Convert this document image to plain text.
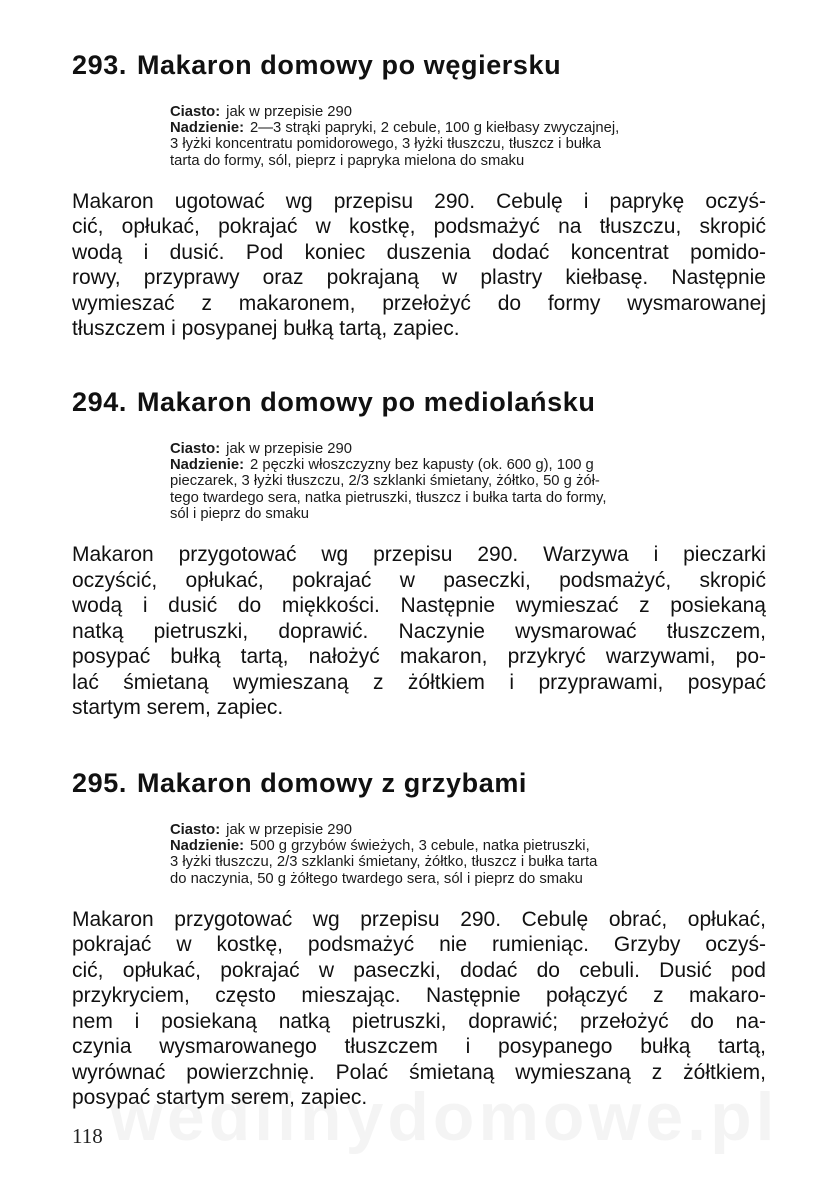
293. Makaron domowy po węgiersku
Ciasto: jak w przepisie 290
Nadzienie: 2—3 strąki papryki, 2 cebule, 100 g kiełbasy zwyczajnej,
3 łyżki koncentratu pomidorowego, 3 łyżki tłuszczu, tłuszcz i bułka
tarta do formy, sól, pieprz i papryka mielona do smaku
Makaron ugotować wg przepisu 290. Cebulę i paprykę oczyś-
cić, opłukać, pokrajać w kostkę, podsmażyć na tłuszczu, skropić
wodą i dusić. Pod koniec duszenia dodać koncentrat pomido-
rowy, przyprawy oraz pokrajaną w plastry kiełbasę. Następnie
wymieszać z makaronem, przełożyć do formy wysmarowanej
tłuszczem i posypanej bułką tartą, zapiec.
294. Makaron domowy po mediolańsku
Ciasto: jak w przepisie 290
Nadzienie: 2 pęczki włoszczyzny bez kapusty (ok. 600 g), 100 g
pieczarek, 3 łyżki tłuszczu, 2/3 szklanki śmietany, żółtko, 50 g żół-
tego twardego sera, natka pietruszki, tłuszcz i bułka tarta do formy,
sól i pieprz do smaku
Makaron przygotować wg przepisu 290. Warzywa i pieczarki
oczyścić, opłukać, pokrajać w paseczki, podsmażyć, skropić
wodą i dusić do miękkości. Następnie wymieszać z posiekaną
natką pietruszki, doprawić. Naczynie wysmarować tłuszczem,
posypać bułką tartą, nałożyć makaron, przykryć warzywami, po-
lać śmietaną wymieszaną z żółtkiem i przyprawami, posypać
startym serem, zapiec.
295. Makaron domowy z grzybami
Ciasto: jak w przepisie 290
Nadzienie: 500 g grzybów świeżych, 3 cebule, natka pietruszki,
3 łyżki tłuszczu, 2/3 szklanki śmietany, żółtko, tłuszcz i bułka tarta
do naczynia, 50 g żółtego twardego sera, sól i pieprz do smaku
Makaron przygotować wg przepisu 290. Cebulę obrać, opłukać,
pokrajać w kostkę, podsmażyć nie rumieniąc. Grzyby oczyś-
cić, opłukać, pokrajać w paseczki, dodać do cebuli. Dusić pod
przykryciem, często mieszając. Następnie połączyć z makaro-
nem i posiekaną natką pietruszki, doprawić; przełożyć do na-
czynia wysmarowanego tłuszczem i posypanego bułką tartą,
wyrównać powierzchnię. Polać śmietaną wymieszaną z żółtkiem,
posypać startym serem, zapiec.
118
